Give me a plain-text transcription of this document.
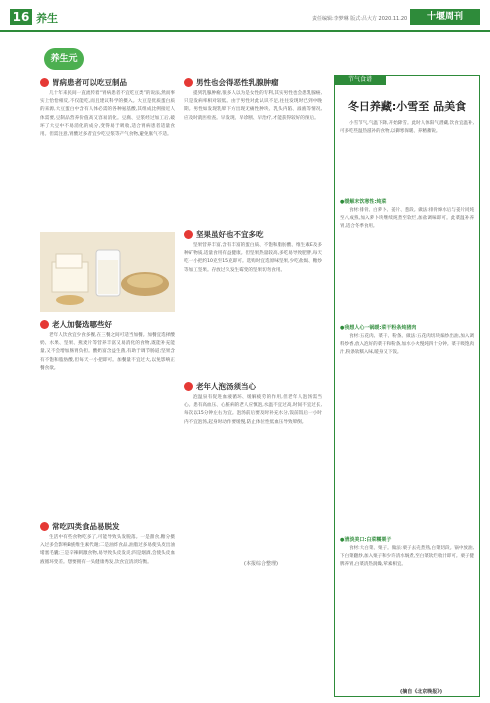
16 养生	责任编辑:李梦琳 版式:吕大方 2020.11.20	十堰周刊
养生元
胃病患者可以吃豆制品
几十年来民间一直流传着“胃病患者不宜吃豆类”的说法,然而事实上恰恰相反,不仅能吃,而且建议科学的摄入。大豆是优质蛋白质的来源,大豆蛋白中含有人体必需的各种氨基酸,其组成比例接近人体需要,豆制品营养价值高又容易消化。豆腐、豆浆经过加工后,破坏了大豆中不易消化的成分,变得易于吸收,适合胃病患者适量食用。但需注意,胃酸过多者宜少吃豆浆等产气食物,避免胀气不适。
老人加餐选哪些好
老年人饮食宜少食多餐,在三餐之间可适当加餐。加餐宜选择酸奶、水果、坚果、燕麦片等营养丰富又易消化的食物,既能补充能量,又不会增加肠胃负担。酸奶富含益生菌,有助于调节肠道;坚果含有不饱和脂肪酸,但每天一小把即可。加餐量不宜过大,以免影响正餐食欲。
常吃四类食品易脱发
生活中有些食物吃多了,可能导致头发脱落。一是甜食,糖分摄入过多会影响B族维生素代谢;二是油炸食品,油脂过多易使头皮出油堵塞毛囊;三是辛辣刺激食物,易导致头皮发炎;四是烟酒,会使头皮血液循环变差。想要拥有一头健康秀发,饮食宜清淡均衡。
男性也会得恶性乳腺肿瘤
提到乳腺肿瘤,很多人以为是女性的专利,其实男性也会患乳腺癌,只是发病率相对较低。由于男性对此认识不足,往往发现时已到中晚期。男性如发现乳晕下方出现无痛性肿块、乳头内陷、溢液等情况,应及时就医检查。早发现、早诊断、早治疗,才能获得较好的预后。
坚果虽好也不宜多吃
坚果营养丰富,含有丰富的蛋白质、不饱和脂肪酸、维生素E及多种矿物质,适量食用有益健康。但坚果热量较高,多吃易导致肥胖,每天吃一小把约10克至15克即可。选购时宜选原味坚果,少吃盐焗、糖炒等加工坚果。存放过久发生霉变的坚果切勿食用。
老年人泡汤须当心
泡温泉有促进血液循环、缓解疲劳的作用,但老年人泡汤需当心。患有高血压、心脏病的老人应慎泡,水温不宜过高,时间不宜过长,每次以15分钟左右为宜。泡汤前后要及时补充水分,饭前饭后一小时内不宜泡汤,起身时动作要缓慢,防止体位性低血压导致晕倒。
(本报综合整理)
节气食谱
冬日养藏:小雪至 品美食
小雪节气,气温下降,开始降雪。此时人体阳气潜藏,饮食宜温补,可多吃些温热滋补的食物,以御寒保暖、养精蓄锐。
●缓解末饮寒性:炖菜
食材:排骨、白萝卜、姜片、葱段。做法:排骨焯水后与姜片同炖至八成熟,加入萝卜块继续炖煮至软烂,加盐调味即可。此菜温补养胃,适合冬季食用。
●我想人心一锅暖:菜干粉条炖猪肉
食材:五花肉、菜干、粉条。做法:五花肉切块煸炒出油,加入调料炒香,放入泡好的菜干和粉条,加水小火慢炖四十分钟。菜干吸饱肉汁,粉条软糯入味,暖身又下饭。
●清淡美口:白菜糯栗子
食材:大白菜、栗子。做法:栗子去壳煮熟,白菜切段。锅中放油,下白菜翻炒,加入栗子和少许清水焖煮,至白菜软烂收汁即可。栗子健脾养胃,白菜清热润燥,荤素相宜。
(摘自《北京晚报》)
